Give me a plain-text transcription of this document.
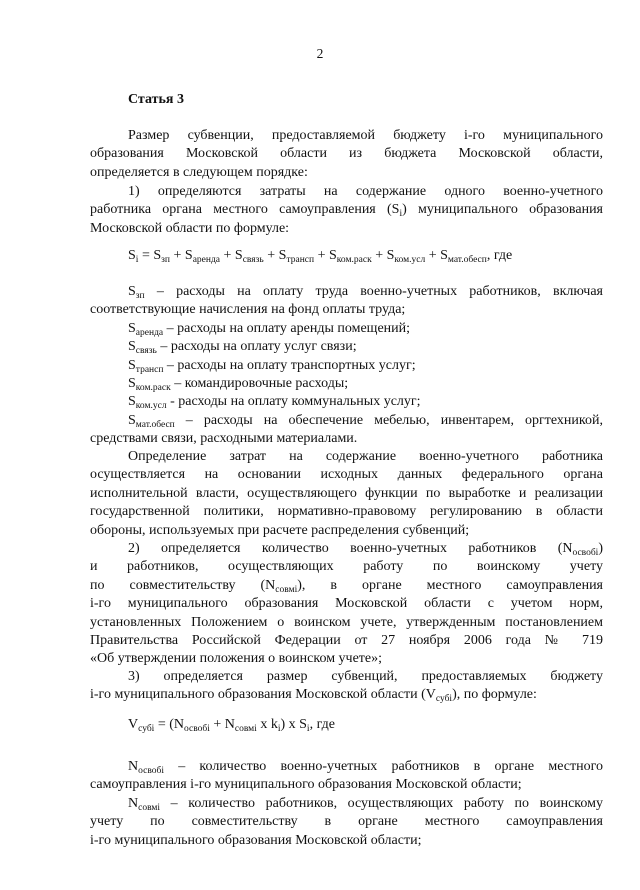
2
Статья 3
Размер субвенции, предоставляемой бюджету i-го муниципального
образования Московской области из бюджета Московской области,
определяется в следующем порядке:
1) определяются затраты на содержание одного военно-учетного
работника органа местного самоуправления $(S_i)$ муниципального образования
Московской области по формуле:
$S_i = S_{зп} + S_{аренда} + S_{связь} + S_{трансп} + S_{ком.раск} + S_{ком.усл} + S_{мат.обесп}$, где
$S_{зп}$ – расходы на оплату труда военно-учетных работников, включая
соответствующие начисления на фонд оплаты труда;
$S_{аренда}$ – расходы на оплату аренды помещений;
$S_{связь}$ – расходы на оплату услуг связи;
$S_{трансп}$ – расходы на оплату транспортных услуг;
$S_{ком.раск}$ – командировочные расходы;
$S_{ком.усл}$ - расходы на оплату коммунальных услуг;
$S_{мат.обесп}$ – расходы на обеспечение мебелью, инвентарем, оргтехникой,
средствами связи, расходными материалами.
Определение затрат на содержание военно-учетного работника
осуществляется на основании исходных данных федерального органа
исполнительной власти, осуществляющего функции по выработке и реализации
государственной политики, нормативно-правовому регулированию в области
обороны, используемых при расчете распределения субвенций;
2) определяется количество военно-учетных работников $(N_{освобi})$
и работников, осуществляющих работу по воинскому учету
по совместительству $(N_{совмi})$, в органе местного самоуправления
i-го муниципального образования Московской области с учетом норм,
установленных Положением о воинском учете, утвержденным постановлением
Правительства Российской Федерации от 27 ноября 2006 года № 719
«Об утверждении положения о воинском учете»;
3) определяется размер субвенций, предоставляемых бюджету
i-го муниципального образования Московской области $(V_{субi})$, по формуле:
$V_{субi} = (N_{освобi} + N_{совмi}$ x $k_i$) x $S_i$, где
$N_{освобi}$ – количество военно-учетных работников в органе местного
самоуправления i-го муниципального образования Московской области;
$N_{совмi}$ – количество работников, осуществляющих работу по воинскому
учету по совместительству в органе местного самоуправления
i-го муниципального образования Московской области;
